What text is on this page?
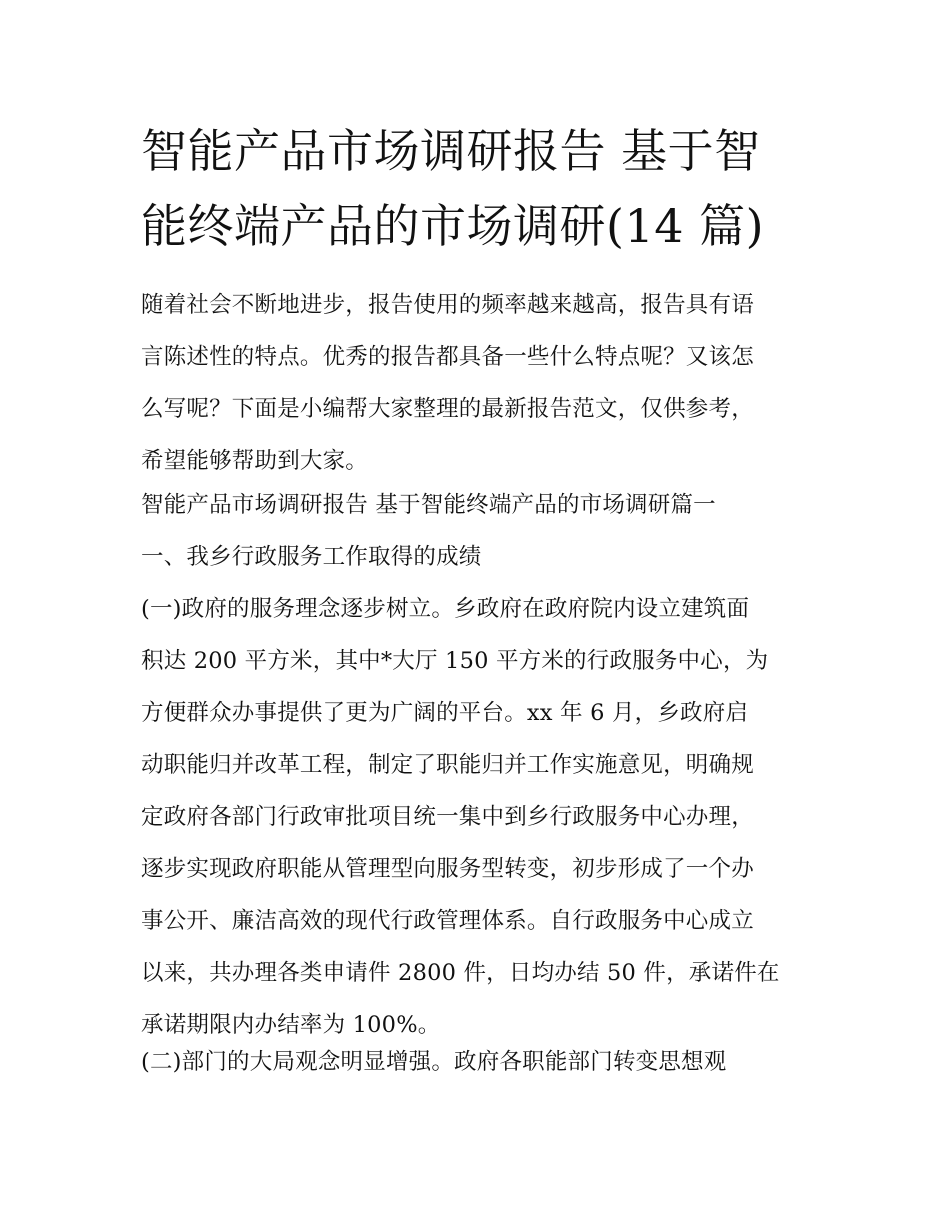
智能产品市场调研报告 基于智
能终端产品的市场调研(14 篇)

随着社会不断地进步，报告使用的频率越来越高，报告具有语
言陈述性的特点。优秀的报告都具备一些什么特点呢？又该怎
么写呢？下面是小编帮大家整理的最新报告范文，仅供参考，
希望能够帮助到大家。

智能产品市场调研报告 基于智能终端产品的市场调研篇一

一、我乡行政服务工作取得的成绩

(一)政府的服务理念逐步树立。乡政府在政府院内设立建筑面
积达 200 平方米，其中*大厅 150 平方米的行政服务中心，为
方便群众办事提供了更为广阔的平台。xx 年 6 月，乡政府启
动职能归并改革工程，制定了职能归并工作实施意见，明确规
定政府各部门行政审批项目统一集中到乡行政服务中心办理，
逐步实现政府职能从管理型向服务型转变，初步形成了一个办
事公开、廉洁高效的现代行政管理体系。自行政服务中心成立
以来，共办理各类申请件 2800 件，日均办结 50 件，承诺件在
承诺期限内办结率为 100%。

(二)部门的大局观念明显增强。政府各职能部门转变思想观
